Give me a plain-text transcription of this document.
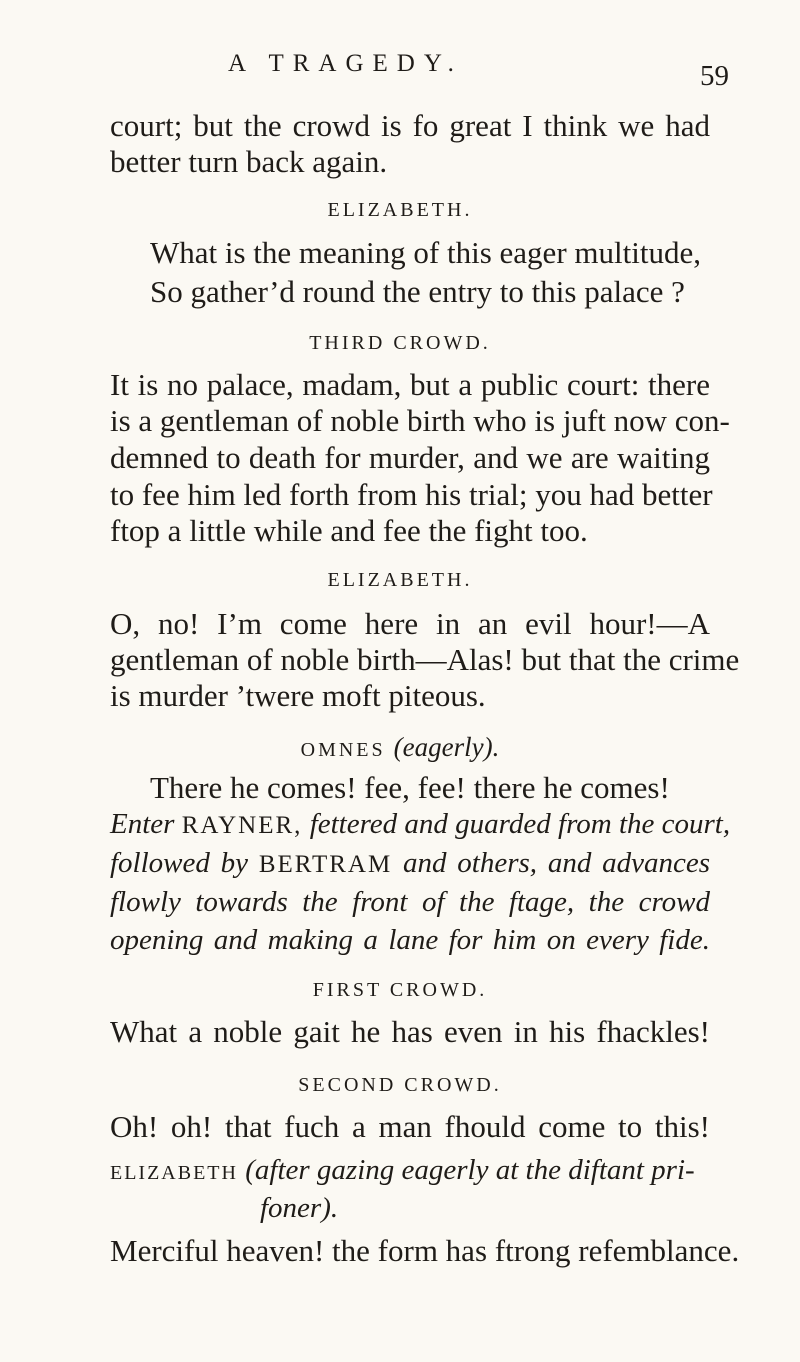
A TRAGEDY.	59
court; but the crowd is fo great I think we had
better turn back again.
ELIZABETH.
What is the meaning of this eager multitude,
So gather’d round the entry to this palace ?
THIRD CROWD.
It is no palace, madam, but a public court: there
is a gentleman of noble birth who is juft now con-
demned to death for murder, and we are waiting
to fee him led forth from his trial; you had better
ftop a little while and fee the fight too.
ELIZABETH.
O, no! I’m come here in an evil hour!—A
gentleman of noble birth—Alas! but that the crime
is murder ’twere moft piteous.
OMNES (eagerly).
There he comes! fee, fee! there he comes!
Enter RAYNER, fettered and guarded from the court,
followed by BERTRAM and others, and advances
flowly towards the front of the ftage, the crowd
opening and making a lane for him on every fide.
FIRST CROWD.
What a noble gait he has even in his fhackles!
SECOND CROWD.
Oh! oh! that fuch a man fhould come to this!
ELIZABETH (after gazing eagerly at the diftant pri-
foner).
Merciful heaven! the form has ftrong refemblance.
